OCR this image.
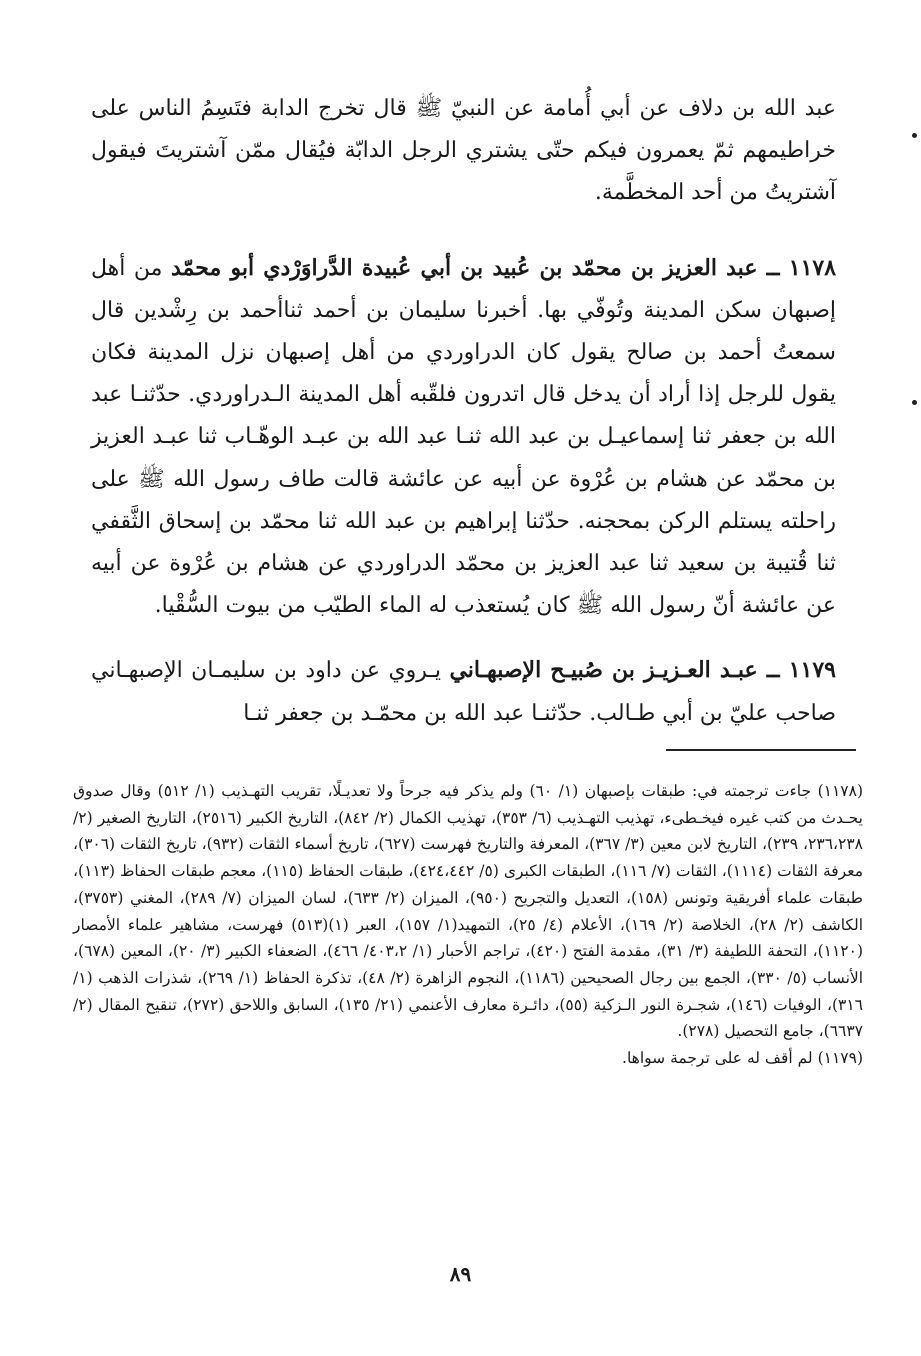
عبد الله بن دلاف عن أبي أُمامة عن النبيّ ﷺ قال تخرج الدابة فتَسِمُ الناس على خراطيمهم ثمّ يعمرون فيكم حتّى يشتري الرجل الدابّة فيُقال ممّن آشتريتَ فيقول آشتريتُ من أحد المخطَّمة.

١١٧٨ ــ عبد العزيز بن محمّد بن عُبيد بن أبي عُبيدة الدَّراوَرْدي أبو محمّد من أهل إصبهان سكن المدينة وتُوفّي بها. أخبرنا سليمان بن أحمد ثناأحمد بن رِشْدين قال سمعتُ أحمد بن صالح يقول كان الدراوردي من أهل إصبهان نزل المدينة فكان يقول للرجل إذا أراد أن يدخل قال اتدرون فلقّبه أهل المدينة الـدراوردي. حدّثنـا عبد الله بن جعفر ثنا إسماعيـل بن عبد الله ثنـا عبد الله بن عبـد الوهّـاب ثنا عبـد العزيز بن محمّد عن هشام بن عُرْوة عن أبيه عن عائشة قالت طاف رسول الله ﷺ على راحلته يستلم الركن بمحجنه. حدّثنا إبراهيم بن عبد الله ثنا محمّد بن إسحاق الثَّقفي ثنا قُتيبة بن سعيد ثنا عبد العزيز بن محمّد الدراوردي عن هشام بن عُرْوة عن أبيه عن عائشة أنّ رسول الله ﷺ كان يُستعذب له الماء الطيّب من بيوت السُّقْيا.

١١٧٩ ــ عبـد العـزيـز بن صُبيـح الإصبهـاني يـروي عن داود بن سليمـان الإصبهـاني صاحب عليّ بن أبي طـالب. حدّثنـا عبد الله بن محمّـد بن جعفر ثنـا

(١١٧٨) جاءت ترجمته في: طبقات بإصبهان (١/ ٦٠) ولم يذكر فيه جرحاً ولا تعديـلًا، تقريب التهـذيب (١/ ٥١٢) وقال صدوق يحـدث من كتب غيره فيخـطىء، تهذيب التهـذيب (٦/ ٣٥٣)، تهذيب الكمال (٢/ ٨٤٢)، التاريخ الكبير (٢٥١٦)، التاريخ الصغير (٢/ ٢٣٦،٢٣٨، ٢٣٩)، التاريخ لابن معين (٣/ ٣٦٧)، المعرفة والتاريخ فهرست (٦٢٧)، تاريخ أسماء الثقات (٩٣٢)، تاريخ الثقات (٣٠٦)، معرفة الثقات (١١١٤)، الثقات (٧/ ١١٦)، الطبقات الكبرى (٥/ ٤٢٤،٤٤٢)، طبقات الحفاظ (١١٥)، معجم طبقات الحفاظ (١١٣)، طبقات علماء أفريقية وتونس (١٥٨)، التعديل والتجريح (٩٥٠)، الميزان (٢/ ٦٣٣)، لسان الميزان (٧/ ٢٨٩)، المغني (٣٧٥٣)، الكاشف (٢/ ٢٨)، الخلاصة (٢/ ١٦٩)، الأعلام (٤/ ٢٥)، التمهيد(١/ ١٥٧)، العبر (١)(٥١٣) فهرست، مشاهير علماء الأمصار (١١٢٠)، التحفة اللطيفة (٣/ ٣١)، مقدمة الفتح (٤٢٠)، تراجم الأحبار (١/ ٤٠٣،٢/ ٤٦٦)، الضعفاء الكبير (٣/ ٢٠)، المعين (٦٧٨)، الأنساب (٥/ ٣٣٠)، الجمع بين رجال الصحيحين (١١٨٦)، النجوم الزاهرة (٢/ ٤٨)، تذكرة الحفاظ (١/ ٢٦٩)، شذرات الذهب (١/ ٣١٦)، الوفيات (١٤٦)، شجـرة النور الـزكية (٥٥)، دائـرة معارف الأعنمي (٢١/ ١٣٥)، السابق واللاحق (٢٧٢)، تنقيح المقال (٢/ ٦٦٣٧)، جامع التحصيل (٢٧٨).

(١١٧٩) لم أقف له على ترجمة سواها.

٨٩
